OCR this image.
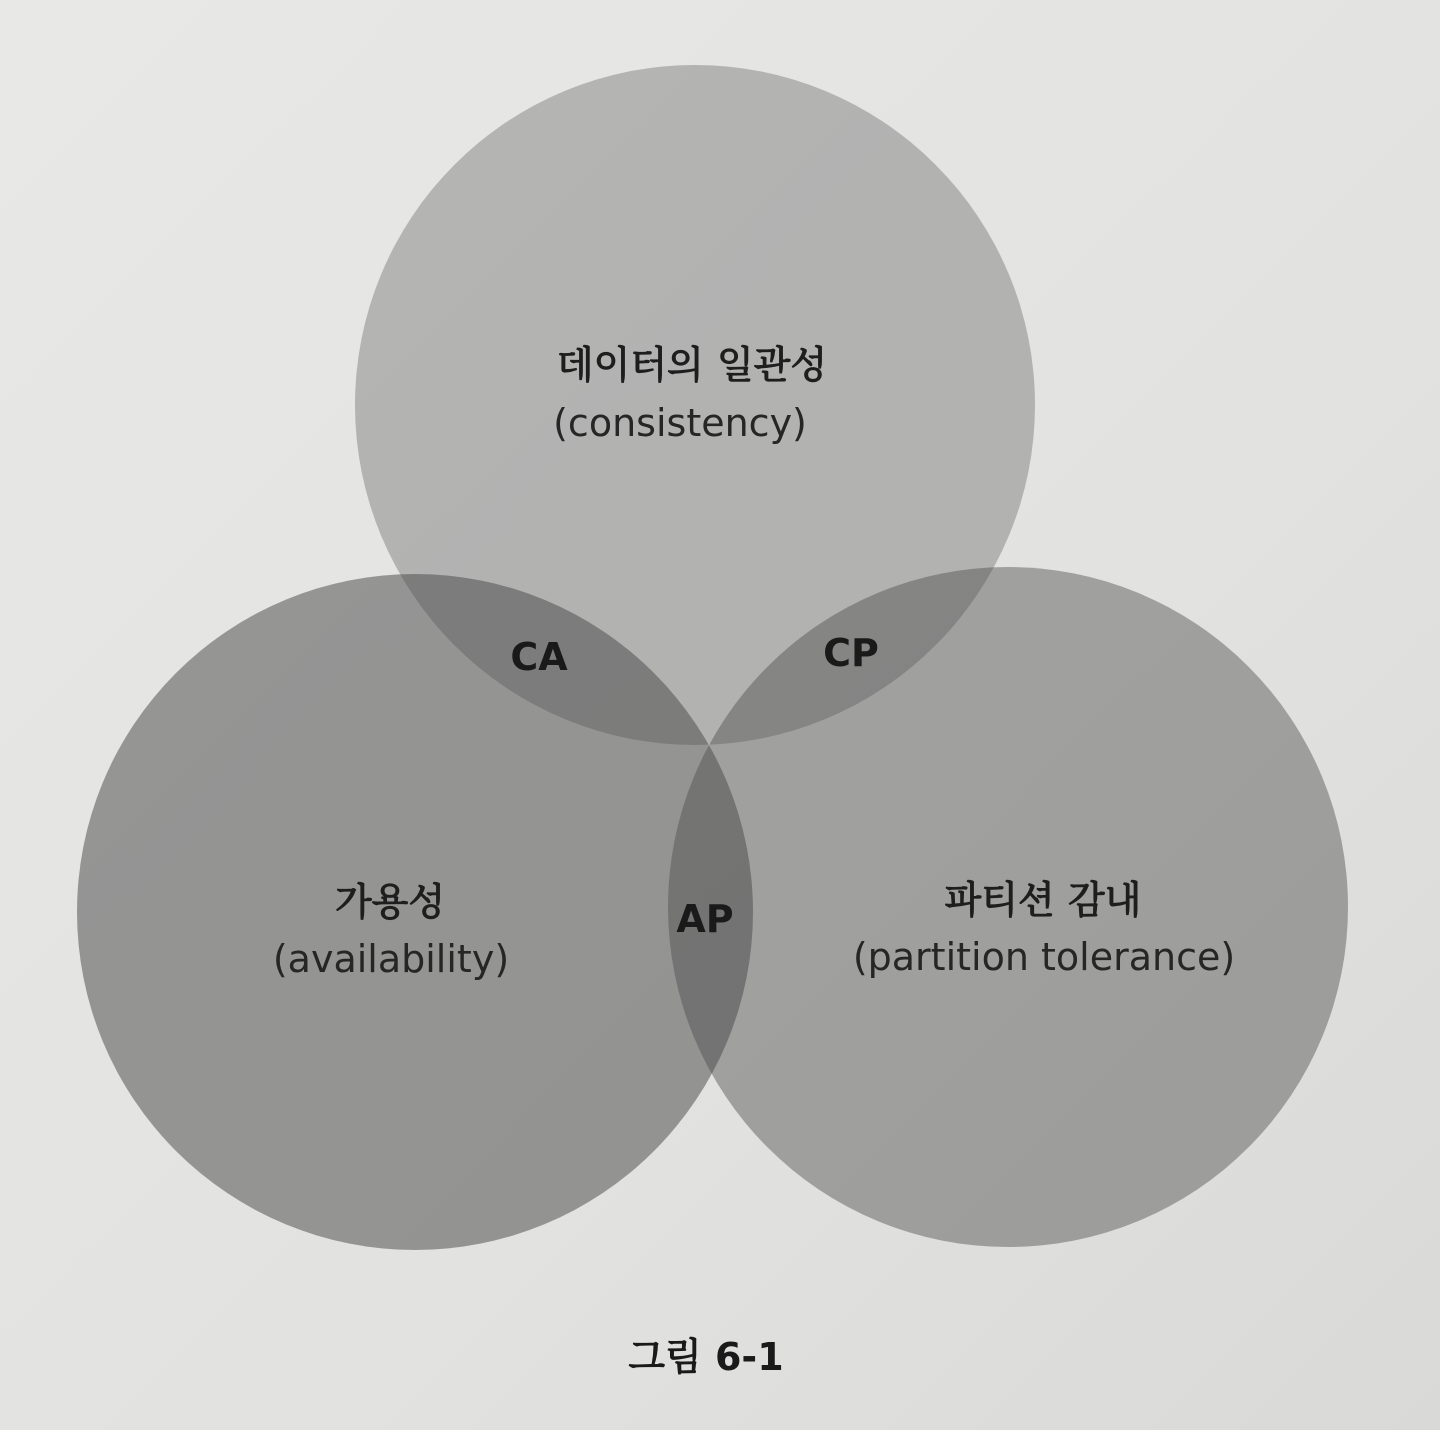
데이터의 일관성
(consistency)
가용성
(availability)
파티션 감내
(partition tolerance)
CA	CP
AP
그림 6-1
